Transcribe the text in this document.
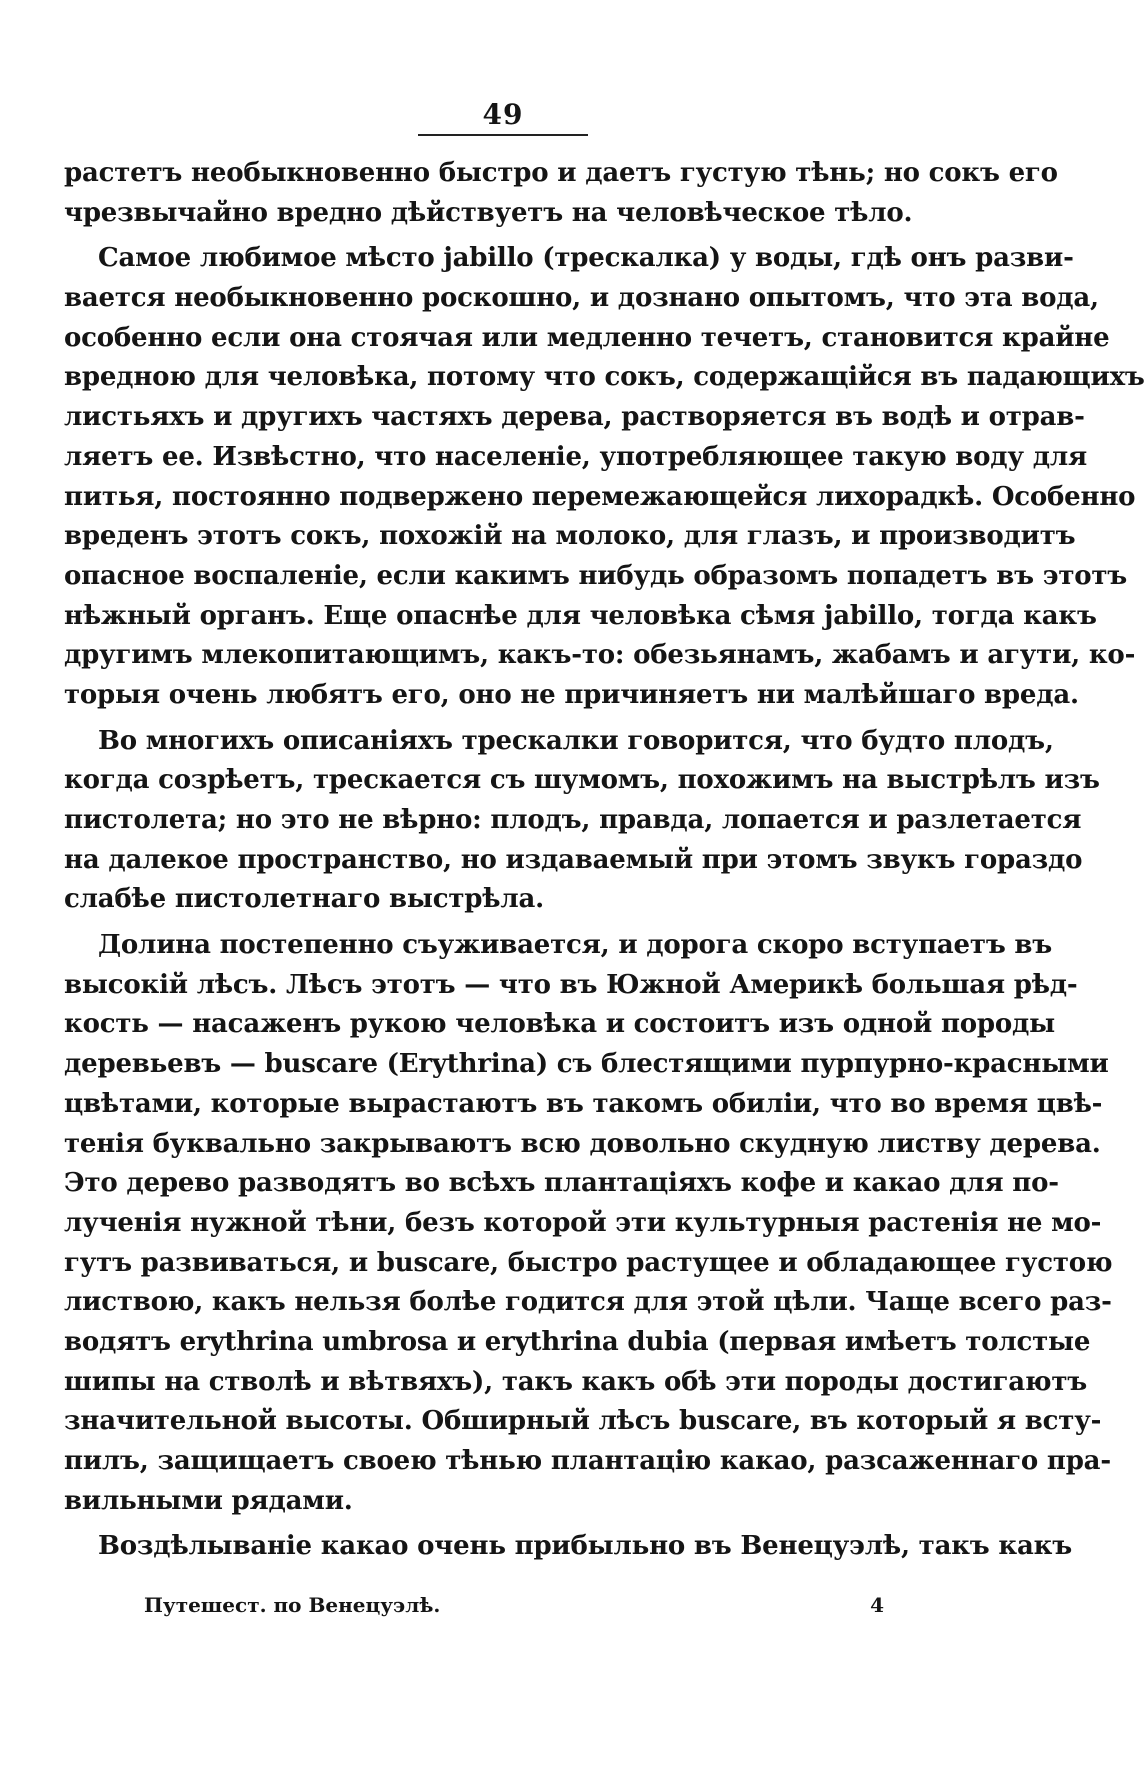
49
растетъ необыкновенно быстро и даетъ густую тѣнь; но сокъ его
чрезвычайно вредно дѣйствуетъ на человѣческое тѣло.
Самое любимое мѣсто jabillo (трескалка) у воды, гдѣ онъ разви-
вается необыкновенно роскошно, и дознано опытомъ, что эта вода,
особенно если она стоячая или медленно течетъ, становится крайне
вредною для человѣка, потому что сокъ, содержащійся въ падающихъ
листьяхъ и другихъ частяхъ дерева, растворяется въ водѣ и отрав-
ляетъ ее. Извѣстно, что населеніе, употребляющее такую воду для
питья, постоянно подвержено перемежающейся лихорадкѣ. Особенно
вреденъ этотъ сокъ, похожій на молоко, для глазъ, и производитъ
опасное воспаленіе, если какимъ нибудь образомъ попадетъ въ этотъ
нѣжный органъ. Еще опаснѣе для человѣка сѣмя jabillo, тогда какъ
другимъ млекопитающимъ, какъ-то: обезьянамъ, жабамъ и агути, ко-
торыя очень любятъ его, оно не причиняетъ ни малѣйшаго вреда.
Во многихъ описаніяхъ трескалки говорится, что будто плодъ,
когда созрѣетъ, трескается съ шумомъ, похожимъ на выстрѣлъ изъ
пистолета; но это не вѣрно: плодъ, правда, лопается и разлетается
на далекое пространство, но издаваемый при этомъ звукъ гораздо
слабѣе пистолетнаго выстрѣла.
Долина постепенно съуживается, и дорога скоро вступаетъ въ
высокій лѣсъ. Лѣсъ этотъ — что въ Южной Америкѣ большая рѣд-
кость — насаженъ рукою человѣка и состоитъ изъ одной породы
деревьевъ — buscare (Erythrina) съ блестящими пурпурно-красными
цвѣтами, которые вырастаютъ въ такомъ обиліи, что во время цвѣ-
тенія буквально закрываютъ всю довольно скудную листву дерева.
Это дерево разводятъ во всѣхъ плантаціяхъ кофе и какао для по-
лученія нужной тѣни, безъ которой эти культурныя растенія не мо-
гутъ развиваться, и buscare, быстро растущее и обладающее густою
листвою, какъ нельзя болѣе годится для этой цѣли. Чаще всего раз-
водятъ erythrina umbrosa и erythrina dubia (первая имѣетъ толстые
шипы на стволѣ и вѣтвяхъ), такъ какъ обѣ эти породы достигаютъ
значительной высоты. Обширный лѣсъ buscare, въ который я всту-
пилъ, защищаетъ своею тѣнью плантацію какао, разсаженнаго пра-
вильными рядами.
Воздѣлываніе какао очень прибыльно въ Венецуэлѣ, такъ какъ
Путешест. по Венецуэлѣ.	4
